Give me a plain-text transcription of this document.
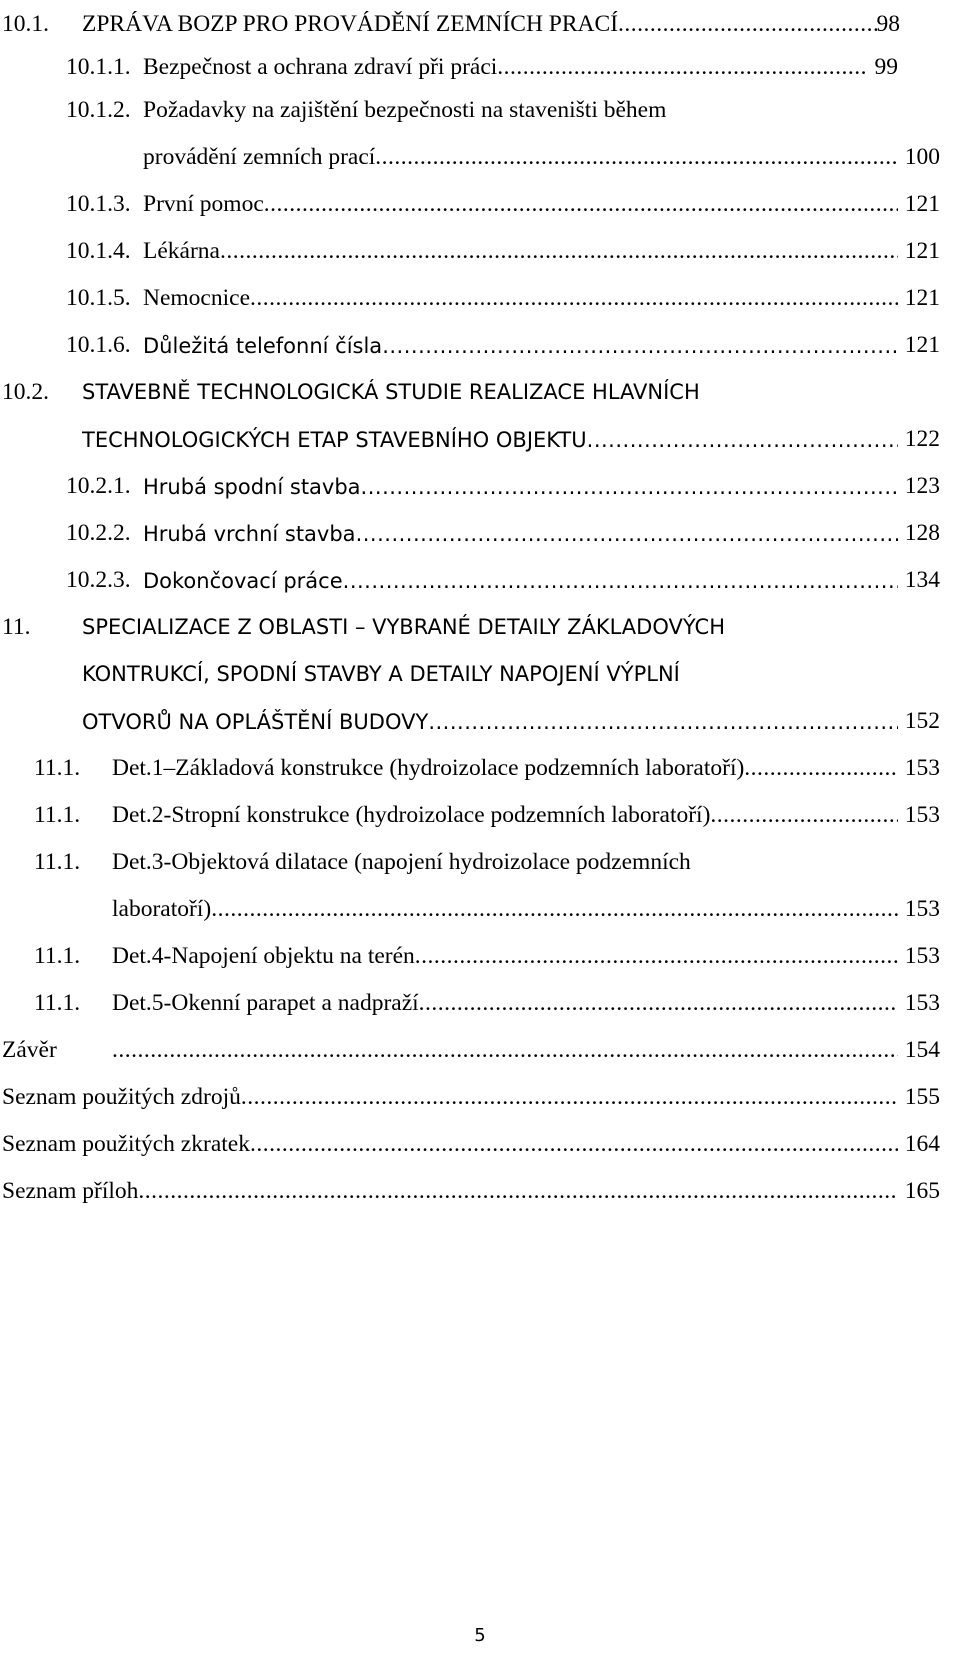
10.1. ZPRÁVA BOZP PRO PROVÁDĚNÍ ZEMNÍCH PRACÍ .....	98
10.1.1. Bezpečnost a ochrana zdraví při práci .....	99
10.1.2. Požadavky na zajištění bezpečnosti na staveništi během
provádění zemních prací .....	100
10.1.3. První pomoc .....	121
10.1.4. Lékárna .....	121
10.1.5. Nemocnice .....	121
10.1.6. Důležitá telefonní čísla .....	121
10.2. STAVEBNĚ TECHNOLOGICKÁ STUDIE REALIZACE HLAVNÍCH
TECHNOLOGICKÝCH ETAP STAVEBNÍHO OBJEKTU .....	122
10.2.1. Hrubá spodní stavba .....	123
10.2.2. Hrubá vrchní stavba .....	128
10.2.3. Dokončovací práce .....	134
11. SPECIALIZACE Z OBLASTI – VYBRANÉ DETAILY ZÁKLADOVÝCH
KONTRUKCÍ, SPODNÍ STAVBY A DETAILY NAPOJENÍ VÝPLNÍ
OTVORŮ NA OPLÁŠTĚNÍ BUDOVY .....	152
11.1. Det.1–Základová konstrukce (hydroizolace podzemních laboratoří) .....	153
11.1. Det.2-Stropní konstrukce (hydroizolace podzemních laboratoří) .....	153
11.1. Det.3-Objektová dilatace (napojení hydroizolace podzemních
laboratoří) .....	153
11.1. Det.4-Napojení objektu na terén .....	153
11.1. Det.5-Okenní parapet a nadpraží .....	153
Závěr .....	154
Seznam použitých zdrojů .....	155
Seznam použitých zkratek .....	164
Seznam příloh .....	165
5
